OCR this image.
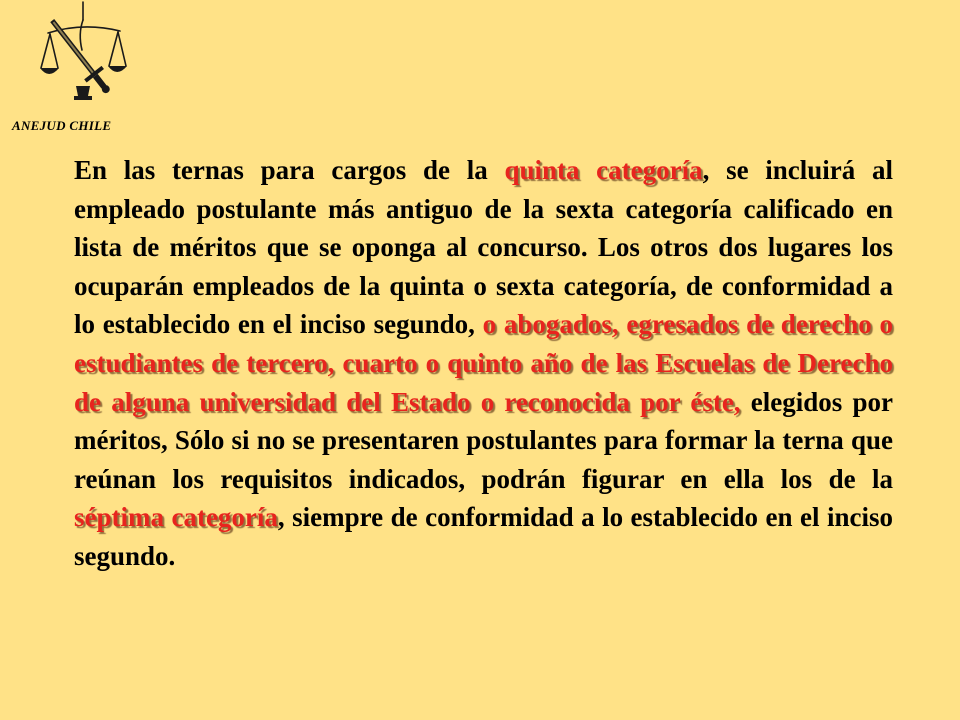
ANEJUD CHILE

En las ternas para cargos de la quinta categoría, se incluirá al empleado postulante más antiguo de la sexta categoría calificado en lista de méritos que se oponga al concurso. Los otros dos lugares los ocuparán empleados de la quinta o sexta categoría, de conformidad a lo establecido en el inciso segundo, o abogados, egresados de derecho o estudiantes de tercero, cuarto o quinto año de las Escuelas de Derecho de alguna universidad del Estado o reconocida por éste, elegidos por méritos, Sólo si no se presentaren postulantes para formar la terna que reúnan los requisitos indicados, podrán figurar en ella los de la séptima categoría, siempre de conformidad a lo establecido en el inciso segundo.
